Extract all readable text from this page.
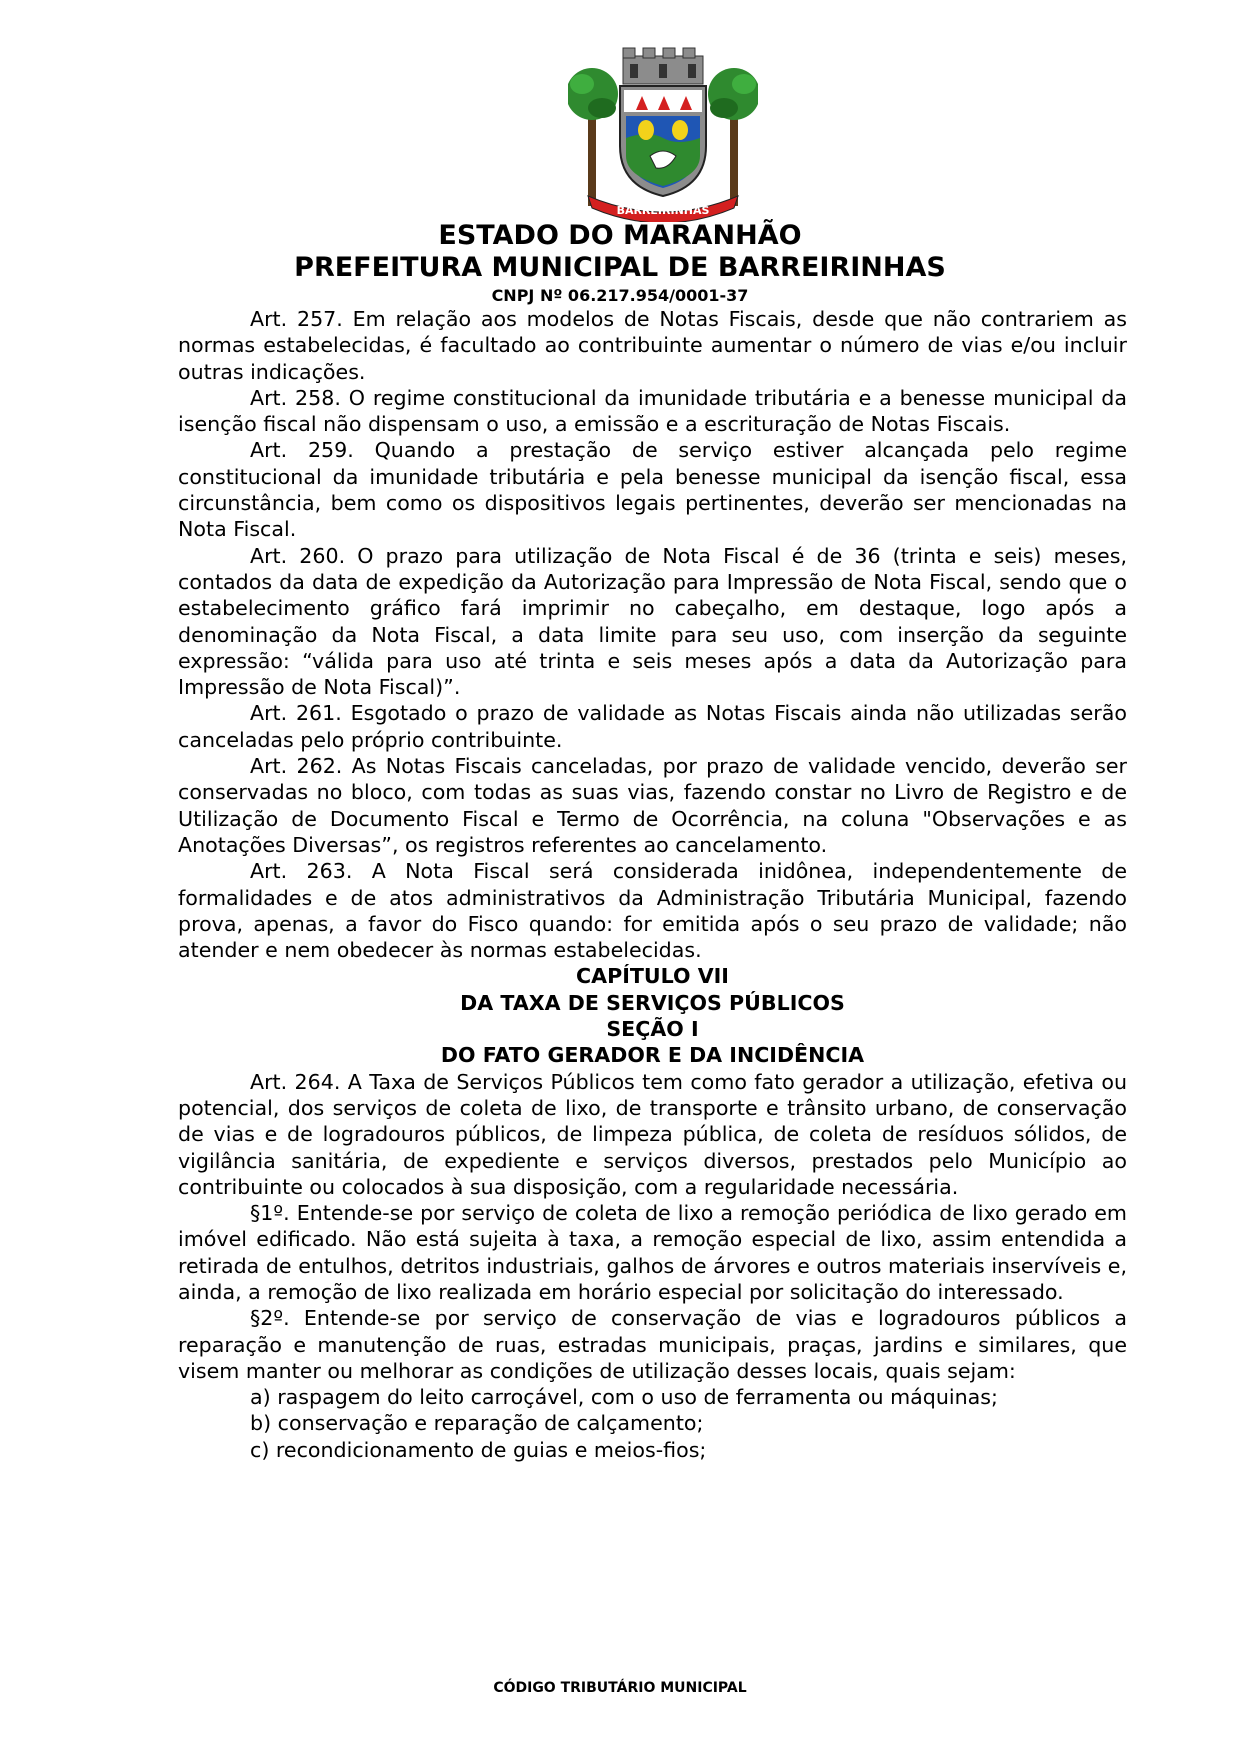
BARREIRINHAS
ESTADO DO MARANHÃO
PREFEITURA MUNICIPAL DE BARREIRINHAS
CNPJ Nº 06.217.954/0001-37

Art. 257. Em relação aos modelos de Notas Fiscais, desde que não contrariem as normas estabelecidas, é facultado ao contribuinte aumentar o número de vias e/ou incluir outras indicações.

Art. 258. O regime constitucional da imunidade tributária e a benesse municipal da isenção fiscal não dispensam o uso, a emissão e a escrituração de Notas Fiscais.

Art. 259. Quando a prestação de serviço estiver alcançada pelo regime constitucional da imunidade tributária e pela benesse municipal da isenção fiscal, essa circunstância, bem como os dispositivos legais pertinentes, deverão ser mencionadas na Nota Fiscal.

Art. 260. O prazo para utilização de Nota Fiscal é de 36 (trinta e seis) meses, contados da data de expedição da Autorização para Impressão de Nota Fiscal, sendo que o estabelecimento gráfico fará imprimir no cabeçalho, em destaque, logo após a denominação da Nota Fiscal, a data limite para seu uso, com inserção da seguinte expressão: “válida para uso até trinta e seis meses após a data da Autorização para Impressão de Nota Fiscal)”.

Art. 261. Esgotado o prazo de validade as Notas Fiscais ainda não utilizadas serão canceladas pelo próprio contribuinte.

Art. 262. As Notas Fiscais canceladas, por prazo de validade vencido, deverão ser conservadas no bloco, com todas as suas vias, fazendo constar no Livro de Registro e de Utilização de Documento Fiscal e Termo de Ocorrência, na coluna "Observações e as Anotações Diversas”, os registros referentes ao cancelamento.

Art. 263. A Nota Fiscal será considerada inidônea, independentemente de formalidades e de atos administrativos da Administração Tributária Municipal, fazendo prova, apenas, a favor do Fisco quando: for emitida após o seu prazo de validade; não atender e nem obedecer às normas estabelecidas.

CAPÍTULO VII

DA TAXA DE SERVIÇOS PÚBLICOS

SEÇÃO I

DO FATO GERADOR E DA INCIDÊNCIA

Art. 264. A Taxa de Serviços Públicos tem como fato gerador a utilização, efetiva ou potencial, dos serviços de coleta de lixo, de transporte e trânsito urbano, de conservação de vias e de logradouros públicos, de limpeza pública, de coleta de resíduos sólidos, de vigilância sanitária, de expediente e serviços diversos, prestados pelo Município ao contribuinte ou colocados à sua disposição, com a regularidade necessária.

§1º. Entende-se por serviço de coleta de lixo a remoção periódica de lixo gerado em imóvel edificado. Não está sujeita à taxa, a remoção especial de lixo, assim entendida a retirada de entulhos, detritos industriais, galhos de árvores e outros materiais inservíveis e, ainda, a remoção de lixo realizada em horário especial por solicitação do interessado.

§2º. Entende-se por serviço de conservação de vias e logradouros públicos a reparação e manutenção de ruas, estradas municipais, praças, jardins e similares, que visem manter ou melhorar as condições de utilização desses locais, quais sejam:

a) raspagem do leito carroçável, com o uso de ferramenta ou máquinas;

b) conservação e reparação de calçamento;

c) recondicionamento de guias e meios-fios;

CÓDIGO TRIBUTÁRIO MUNICIPAL
